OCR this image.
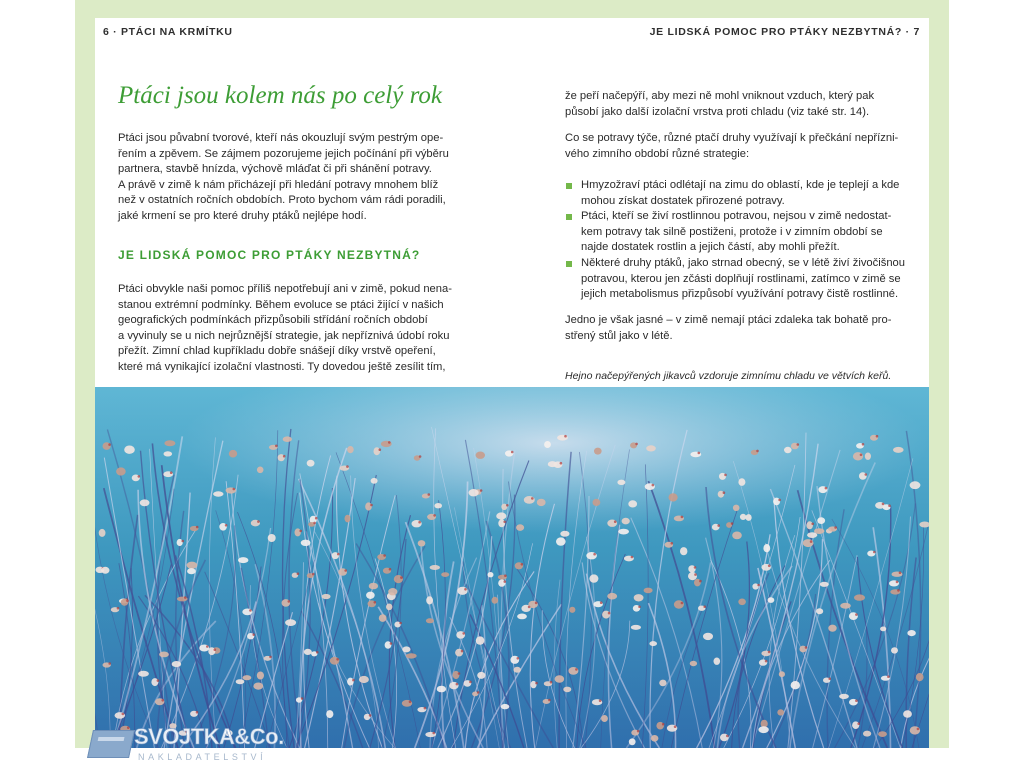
6 · PTÁCI NA KRMÍTKU	JE LIDSKÁ POMOC PRO PTÁKY NEZBYTNÁ? · 7
Ptáci jsou kolem nás po celý rok

Ptáci jsou půvabní tvorové, kteří nás okouzlují svým pestrým ope-
řením a zpěvem. Se zájmem pozorujeme jejich počínání při výběru
partnera, stavbě hnízda, výchově mláďat či při shánění potravy.
A právě v zimě k nám přicházejí při hledání potravy mnohem blíž
než v ostatních ročních obdobích. Proto bychom vám rádi poradili,
jaké krmení se pro které druhy ptáků nejlépe hodí.

JE LIDSKÁ POMOC PRO PTÁKY NEZBYTNÁ?

Ptáci obvykle naši pomoc příliš nepotřebují ani v zimě, pokud nena-
stanou extrémní podmínky. Během evoluce se ptáci žijící v našich
geografických podmínkách přizpůsobili střídání ročních období
a vyvinuly se u nich nejrůznější strategie, jak nepříznivá údobí roku
přežít. Zimní chlad kupříkladu dobře snášejí díky vrstvě opeření,
které má vynikající izolační vlastnosti. Ty dovedou ještě zesílit tím,

že peří načepýří, aby mezi ně mohl vniknout vzduch, který pak
působí jako další izolační vrstva proti chladu (viz také str. 14).

Co se potravy týče, různé ptačí druhy využívají k přečkání nepřízni-
vého zimního období různé strategie:

Hmyzožraví ptáci odlétají na zimu do oblastí, kde je teplejí a kde
mohou získat dostatek přirozené potravy.
Ptáci, kteří se živí rostlinnou potravou, nejsou v zimě nedostat-
kem potravy tak silně postiženi, protože i v zimním období se
najde dostatek rostlin a jejich částí, aby mohli přežít.
Některé druhy ptáků, jako strnad obecný, se v létě živí živočišnou
potravou, kterou jen zčásti doplňují rostlinami, zatímco v zimě se
jejich metabolismus přizpůsobí využívání potravy čistě rostlinné.

Jedno je však jasné – v zimě nemají ptáci zdaleka tak bohatě pro-
střený stůl jako v létě.

Hejno načepýřených jikavců vzdoruje zimnímu chladu ve větvích keřů.

SVOJTKA&Co.
NAKLADATELSTVÍ
